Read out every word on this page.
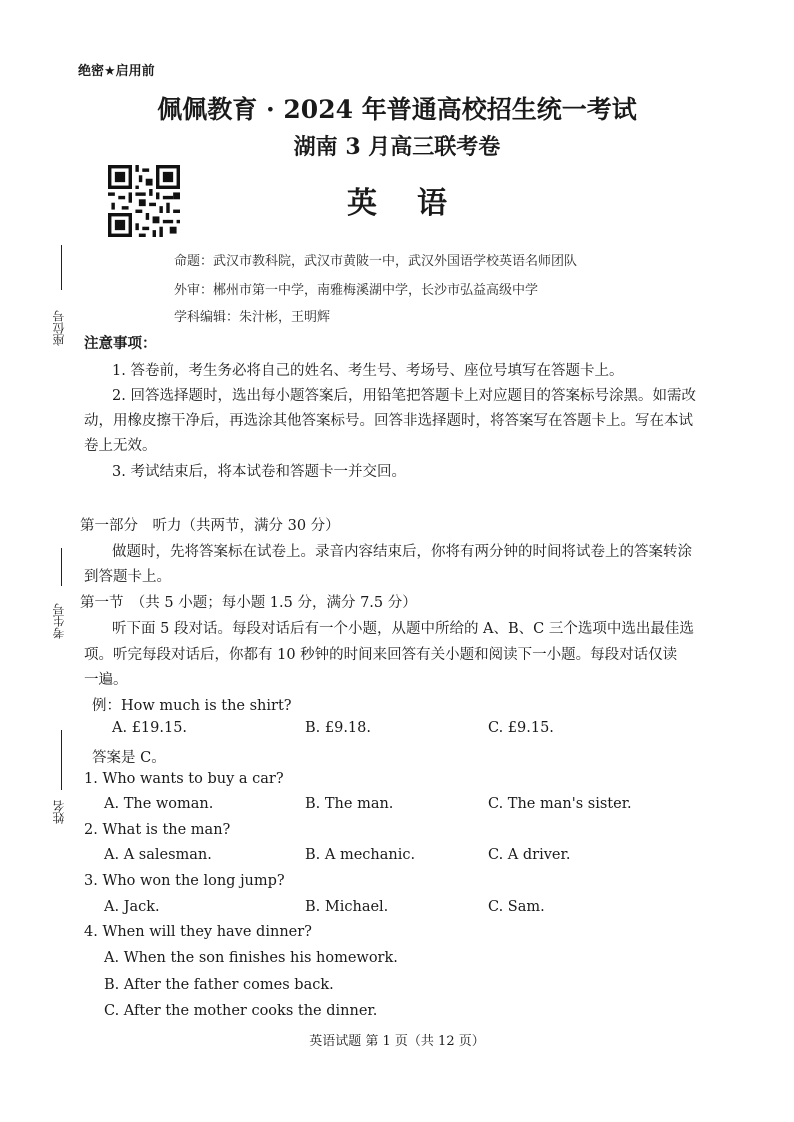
绝密★启用前
佩佩教育 · 2024 年普通高校招生统一考试
湖南 3 月高三联考卷
英语
命题：武汉市教科院，武汉市黄陂一中，武汉外国语学校英语名师团队
外审：郴州市第一中学，南雅梅溪湖中学，长沙市弘益高级中学
学科编辑：朱汁彬，王明辉
座位号
考生号
姓名
注意事项：
1. 答卷前，考生务必将自己的姓名、考生号、考场号、座位号填写在答题卡上。
2. 回答选择题时，选出每小题答案后，用铅笔把答题卡上对应题目的答案标号涂黑。如需改
动，用橡皮擦干净后，再选涂其他答案标号。回答非选择题时，将答案写在答题卡上。写在本试
卷上无效。
3. 考试结束后，将本试卷和答题卡一并交回。
第一部分　听力（共两节，满分 30 分）
做题时，先将答案标在试卷上。录音内容结束后，你将有两分钟的时间将试卷上的答案转涂
到答题卡上。
第一节　（共 5 小题；每小题 1.5 分，满分 7.5 分）
听下面 5 段对话。每段对话后有一个小题，从题中所给的 A、B、C 三个选项中选出最佳选
项。听完每段对话后，你都有 10 秒钟的时间来回答有关小题和阅读下一小题。每段对话仅读
一遍。
例：How much is the shirt?
A. £19.15.	B. £9.18.	C. £9.15.
答案是 C。
1. Who wants to buy a car?
A. The woman.	B. The man.	C. The man's sister.
2. What is the man?
A. A salesman.	B. A mechanic.	C. A driver.
3. Who won the long jump?
A. Jack.	B. Michael.	C. Sam.
4. When will they have dinner?
A. When the son finishes his homework.
B. After the father comes back.
C. After the mother cooks the dinner.
英语试题 第 1 页（共 12 页）
